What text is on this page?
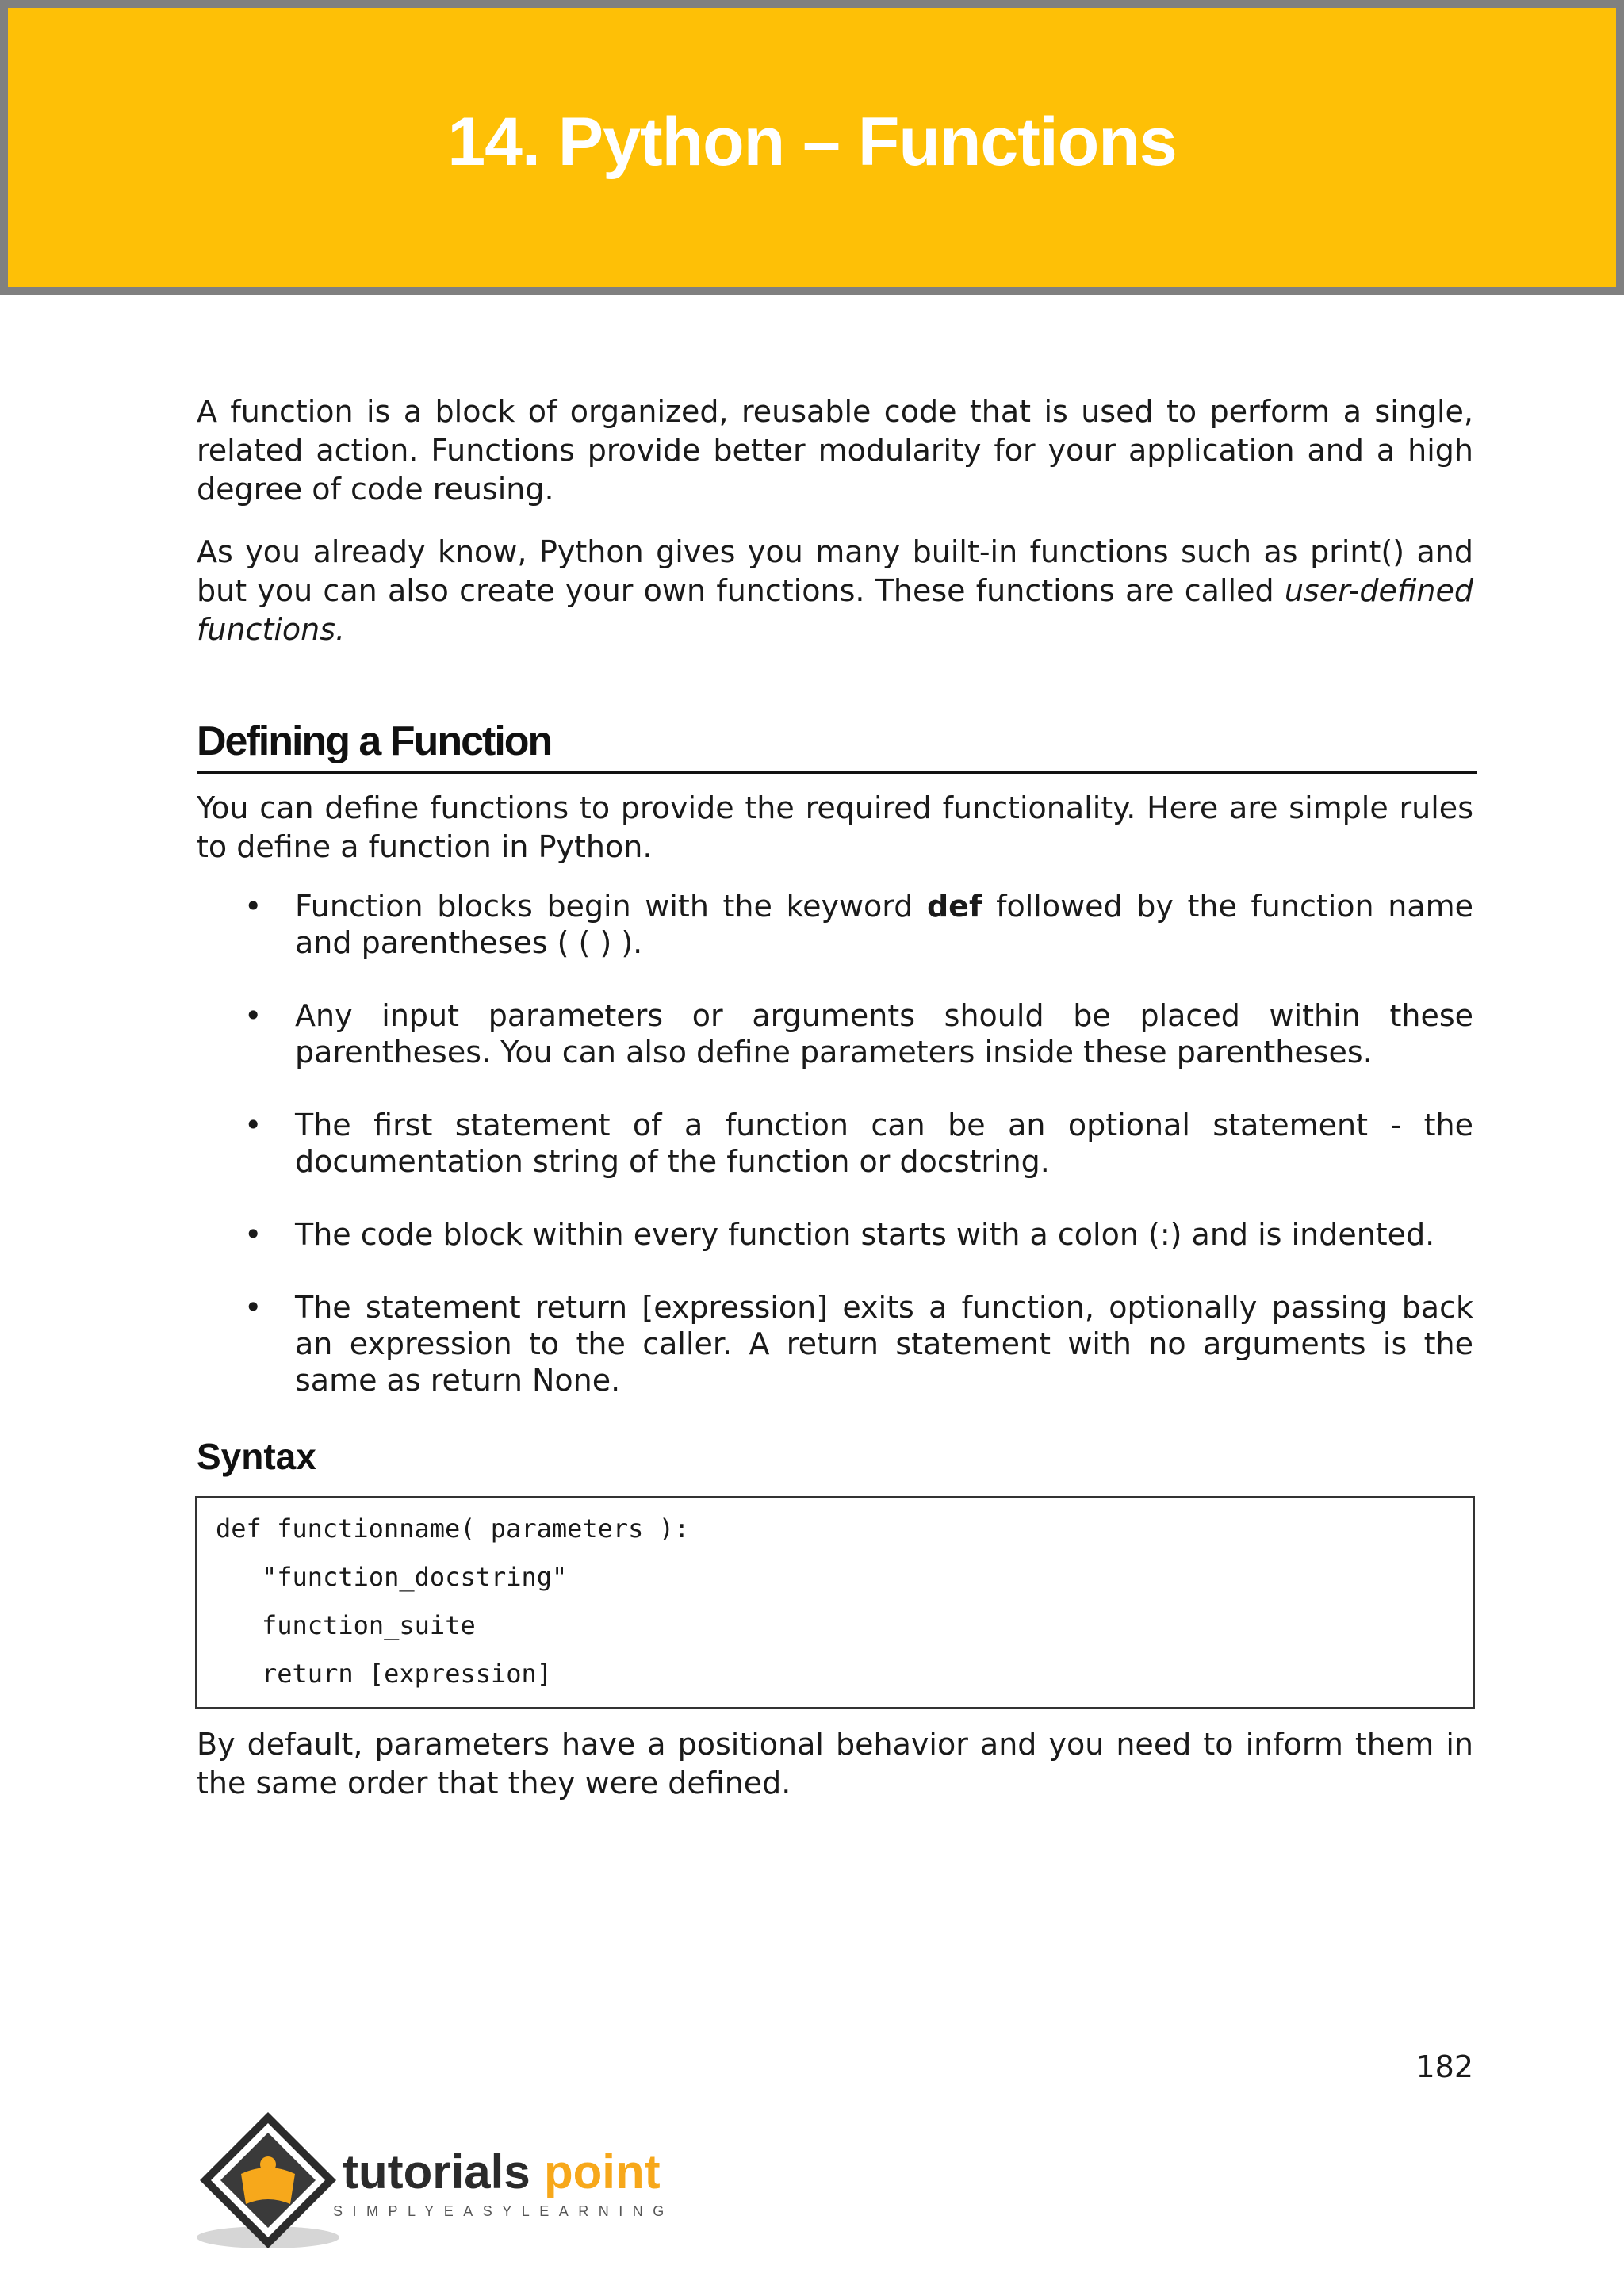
14. Python – Functions

A function is a block of organized, reusable code that is used to perform a single, related action. Functions provide better modularity for your application and a high degree of code reusing.

As you already know, Python gives you many built-in functions such as print() and but you can also create your own functions. These functions are called user-defined functions.

Defining a Function

You can define functions to provide the required functionality. Here are simple rules to define a function in Python.

• Function blocks begin with the keyword def followed by the function name and parentheses ( ( ) ).
• Any input parameters or arguments should be placed within these parentheses. You can also define parameters inside these parentheses.
• The first statement of a function can be an optional statement - the documentation string of the function or docstring.
• The code block within every function starts with a colon (:) and is indented.
• The statement return [expression] exits a function, optionally passing back an expression to the caller. A return statement with no arguments is the same as return None.
Syntax
def functionname( parameters ):
"function_docstring"
function_suite
return [expression]

By default, parameters have a positional behavior and you need to inform them in the same order that they were defined.

182
tutorials point
SIMPLYEASYLEARNING
